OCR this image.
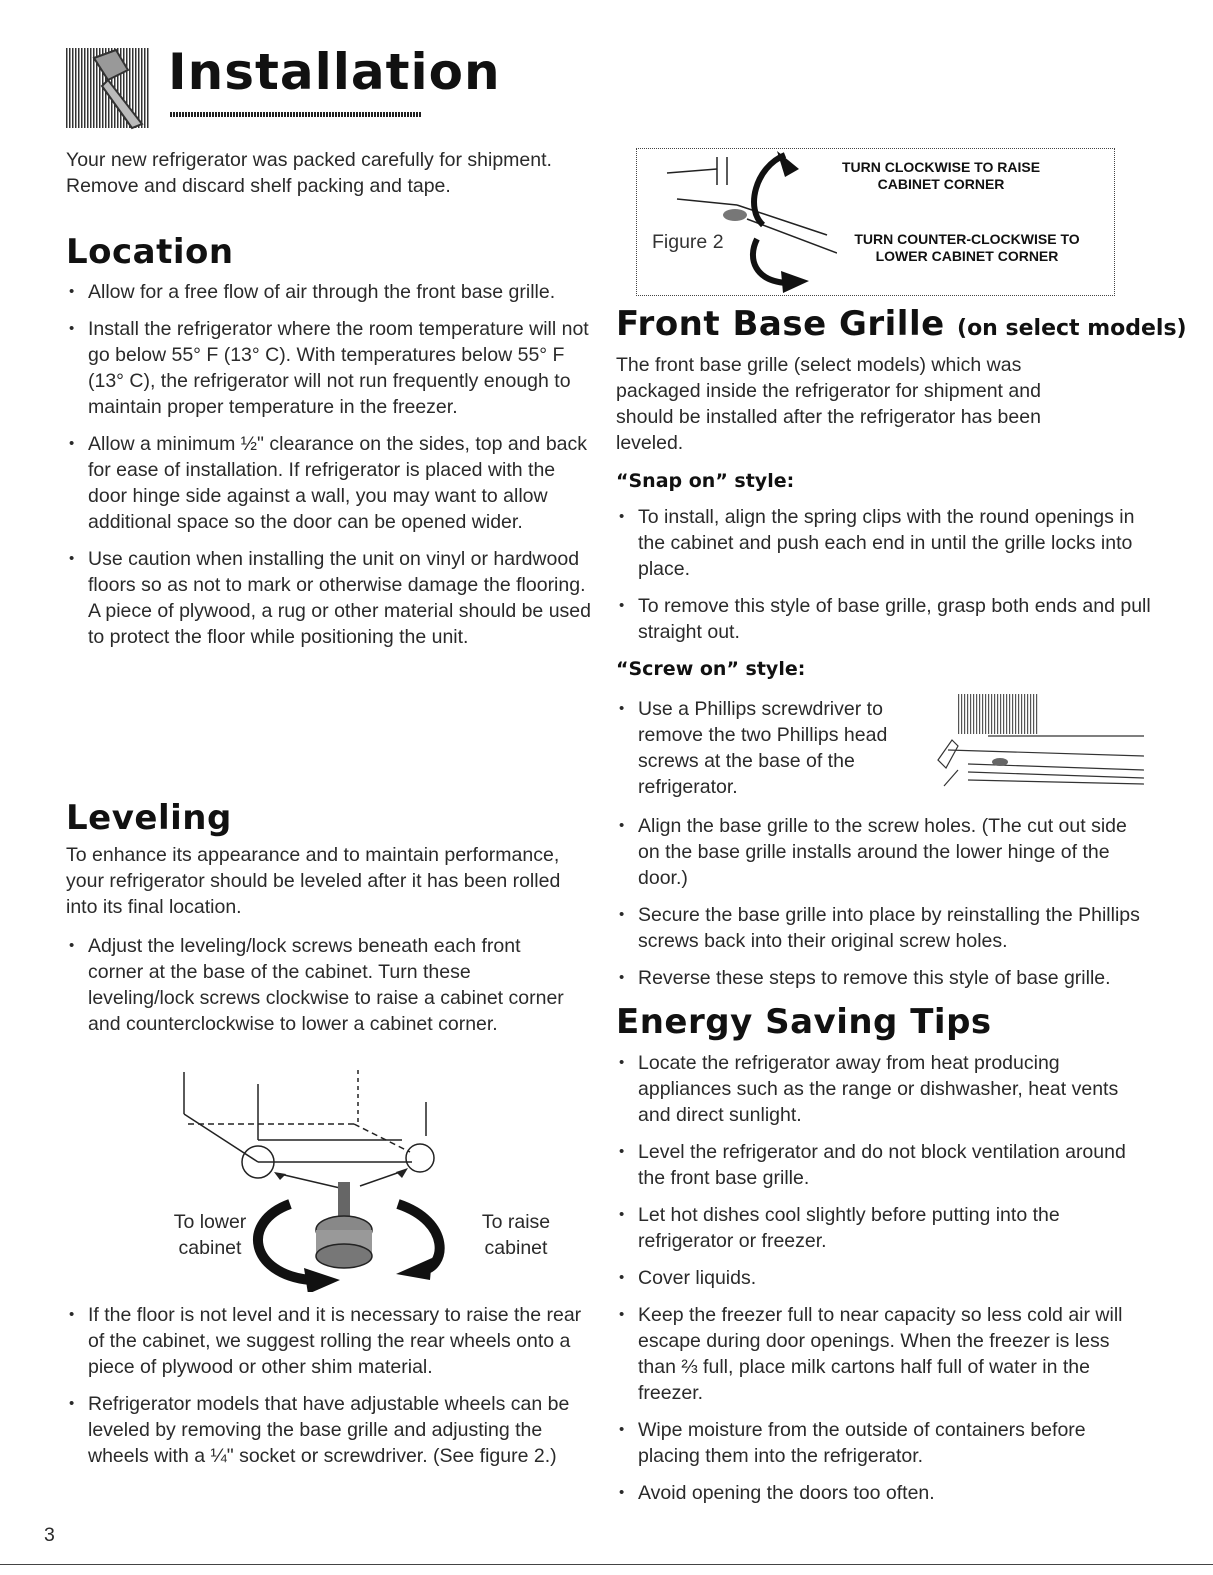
Installation
Your new refrigerator was packed carefully for shipment. Remove and discard shelf packing and tape.
Location
• Allow for a free flow of air through the front base grille.
• Install the refrigerator where the room temperature will not go below 55° F (13° C). With temperatures below 55° F (13° C), the refrigerator will not run frequently enough to maintain proper temperature in the freezer.
• Allow a minimum ½" clearance on the sides, top and back for ease of installation. If refrigerator is placed with the door hinge side against a wall, you may want to allow additional space so the door can be opened wider.
• Use caution when installing the unit on vinyl or hardwood floors so as not to mark or otherwise damage the flooring. A piece of plywood, a rug or other material should be used to protect the floor while positioning the unit.
Leveling
To enhance its appearance and to maintain performance, your refrigerator should be leveled after it has been rolled into its final location.
• Adjust the leveling/lock screws beneath each front corner at the base of the cabinet. Turn these leveling/lock screws clockwise to raise a cabinet corner and counterclockwise to lower a cabinet corner.
To lower
cabinet
To raise
cabinet
• If the floor is not level and it is necessary to raise the rear of the cabinet, we suggest rolling the rear wheels onto a piece of plywood or other shim material.
• Refrigerator models that have adjustable wheels can be leveled by removing the base grille and adjusting the wheels with a ¼" socket or screwdriver. (See figure 2.)
3
Figure 2
TURN CLOCKWISE TO RAISE
CABINET CORNER
TURN COUNTER-CLOCKWISE TO
LOWER CABINET CORNER
Front Base Grille (on select models)
The front base grille (select models) which was packaged inside the refrigerator for shipment and should be installed after the refrigerator has been leveled.
“Snap on” style:
• To install, align the spring clips with the round openings in the cabinet and push each end in until the grille locks into place.
• To remove this style of base grille, grasp both ends and pull straight out.
“Screw on” style:
• Use a Phillips screwdriver to remove the two Phillips head screws at the base of the refrigerator.
• Align the base grille to the screw holes. (The cut out side on the base grille installs around the lower hinge of the door.)
• Secure the base grille into place by reinstalling the Phillips screws back into their original screw holes.
• Reverse these steps to remove this style of base grille.
Energy Saving Tips
• Locate the refrigerator away from heat producing appliances such as the range or dishwasher, heat vents and direct sunlight.
• Level the refrigerator and do not block ventilation around the front base grille.
• Let hot dishes cool slightly before putting into the refrigerator or freezer.
• Cover liquids.
• Keep the freezer full to near capacity so less cold air will escape during door openings. When the freezer is less than ⅔ full, place milk cartons half full of water in the freezer.
• Wipe moisture from the outside of containers before placing them into the refrigerator.
• Avoid opening the doors too often.
